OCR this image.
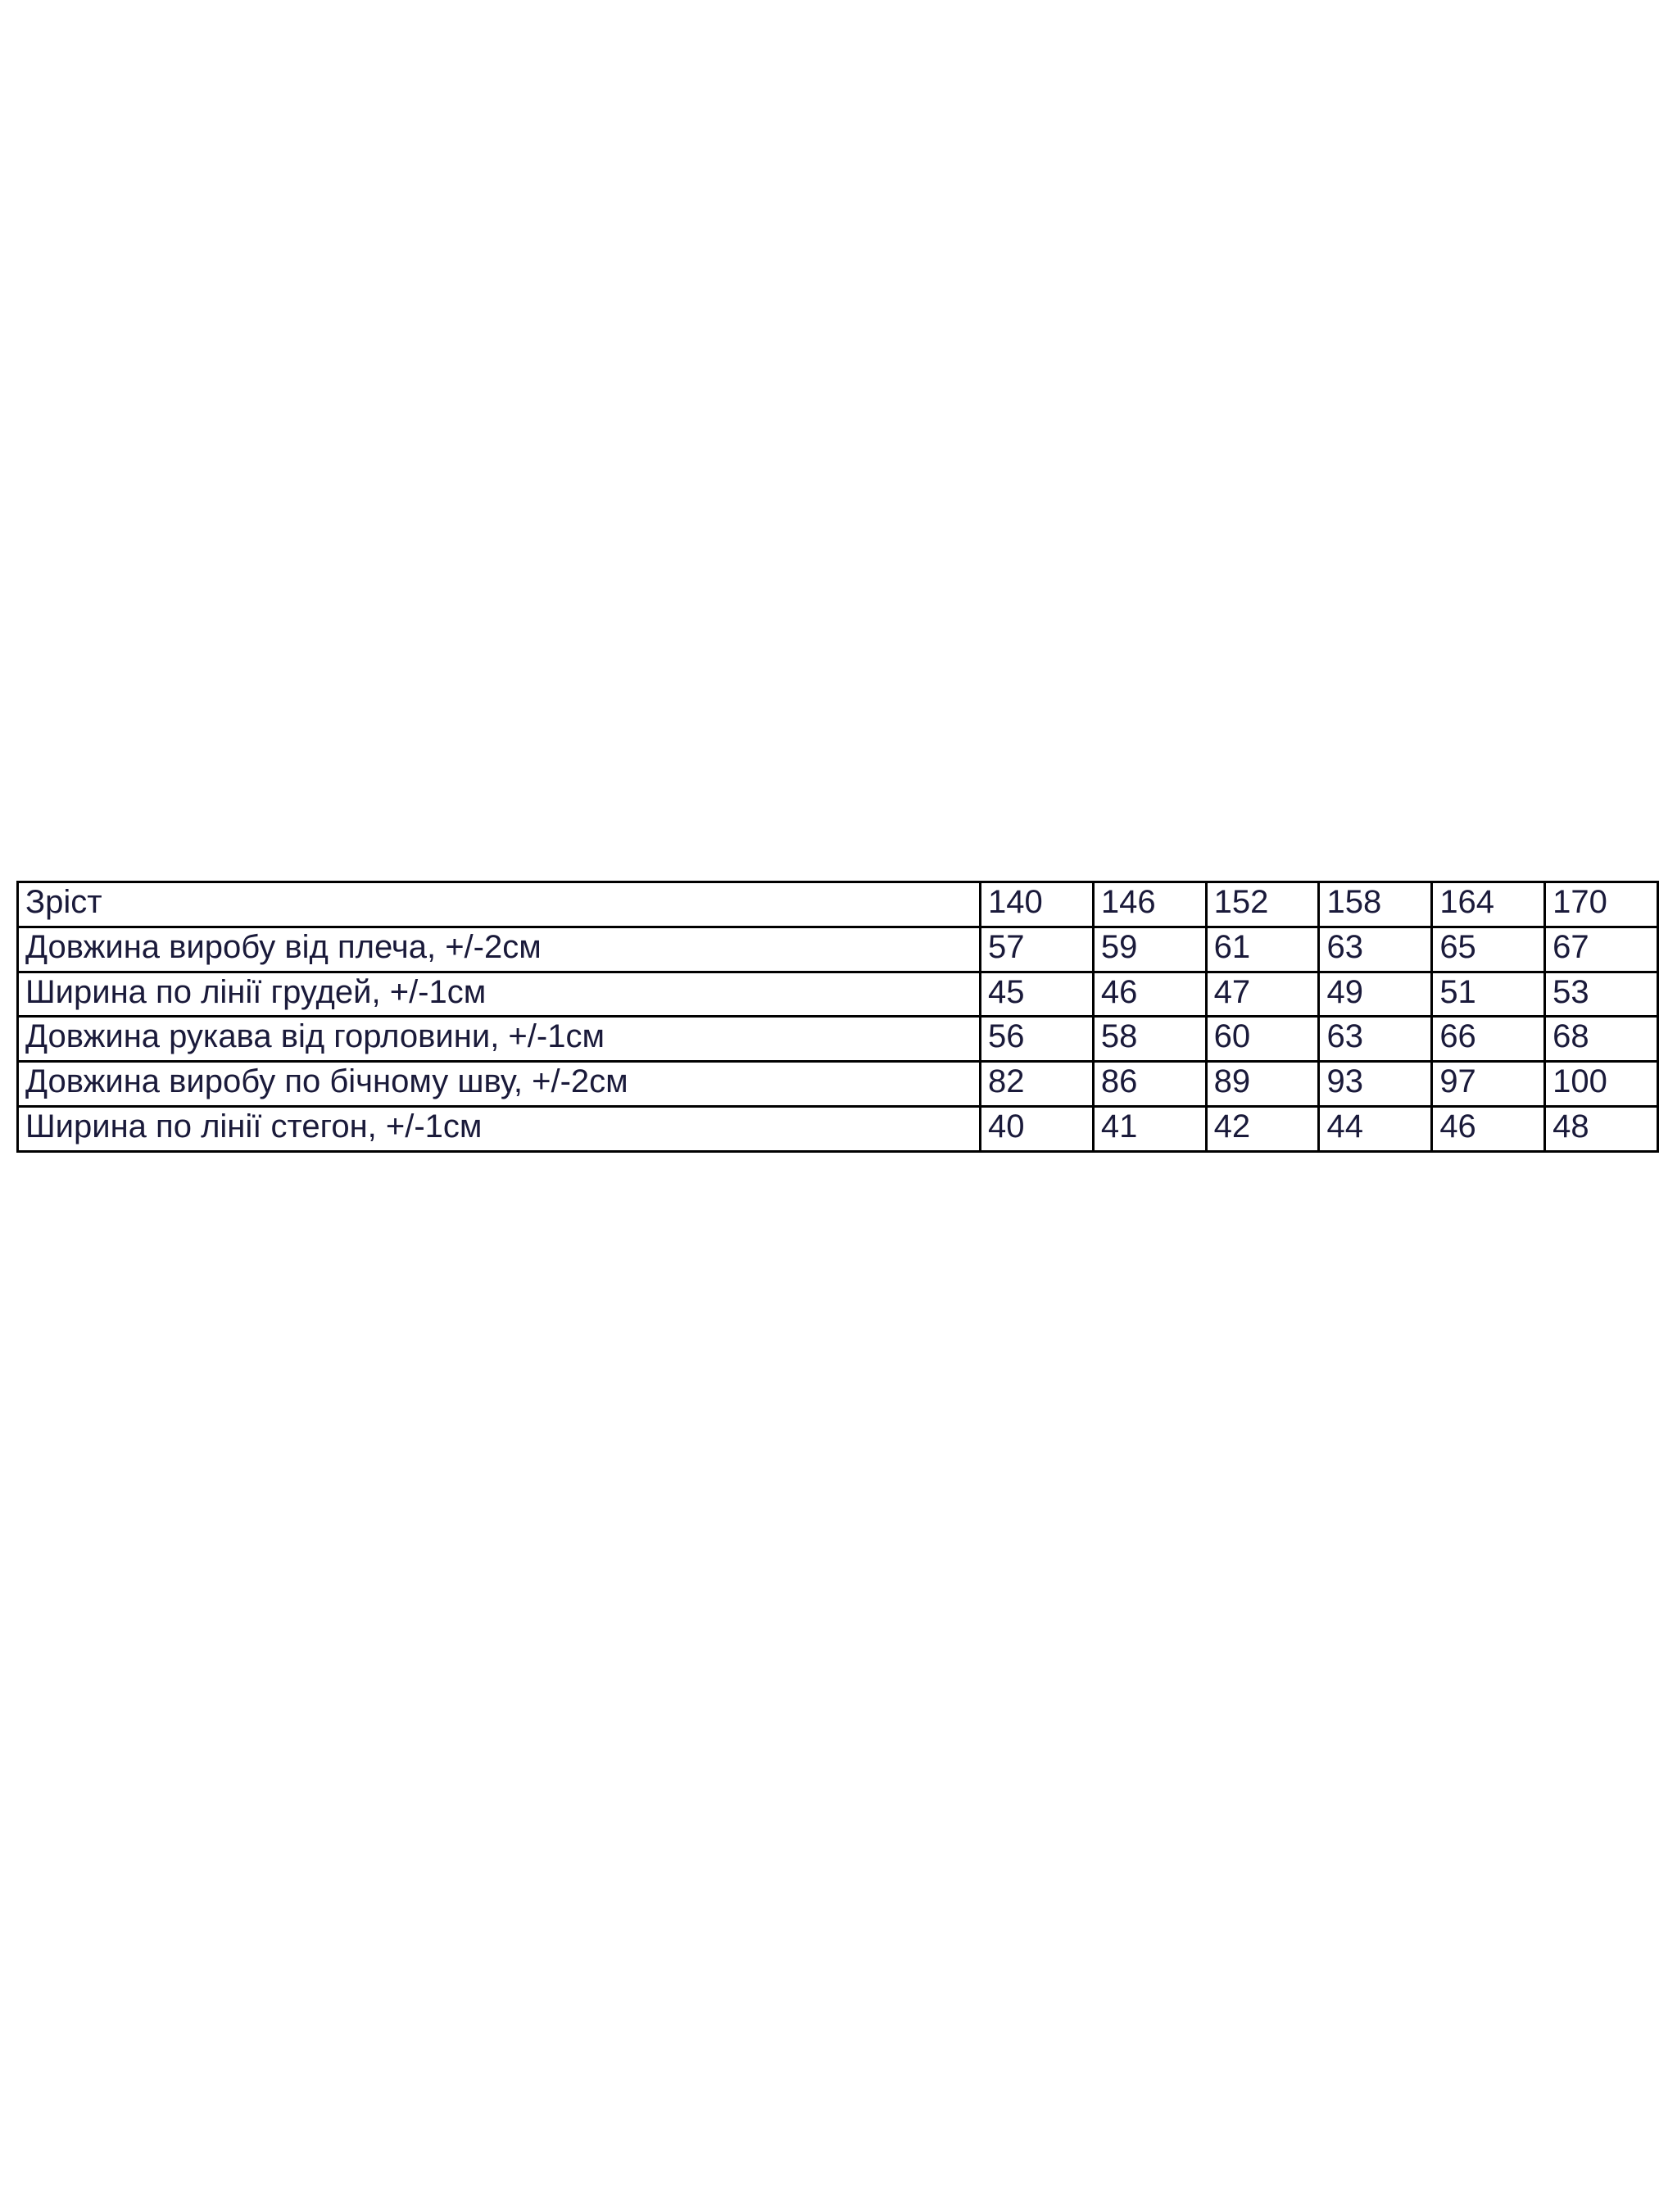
Зріст	140	146	152	158	164	170
Довжина виробу від плеча, +/-2см	57	59	61	63	65	67
Ширина по лінії грудей, +/-1см	45	46	47	49	51	53
Довжина рукава від горловини, +/-1см	56	58	60	63	66	68
Довжина виробу по бічному шву, +/-2см	82	86	89	93	97	100
Ширина по лінії стегон, +/-1см	40	41	42	44	46	48
